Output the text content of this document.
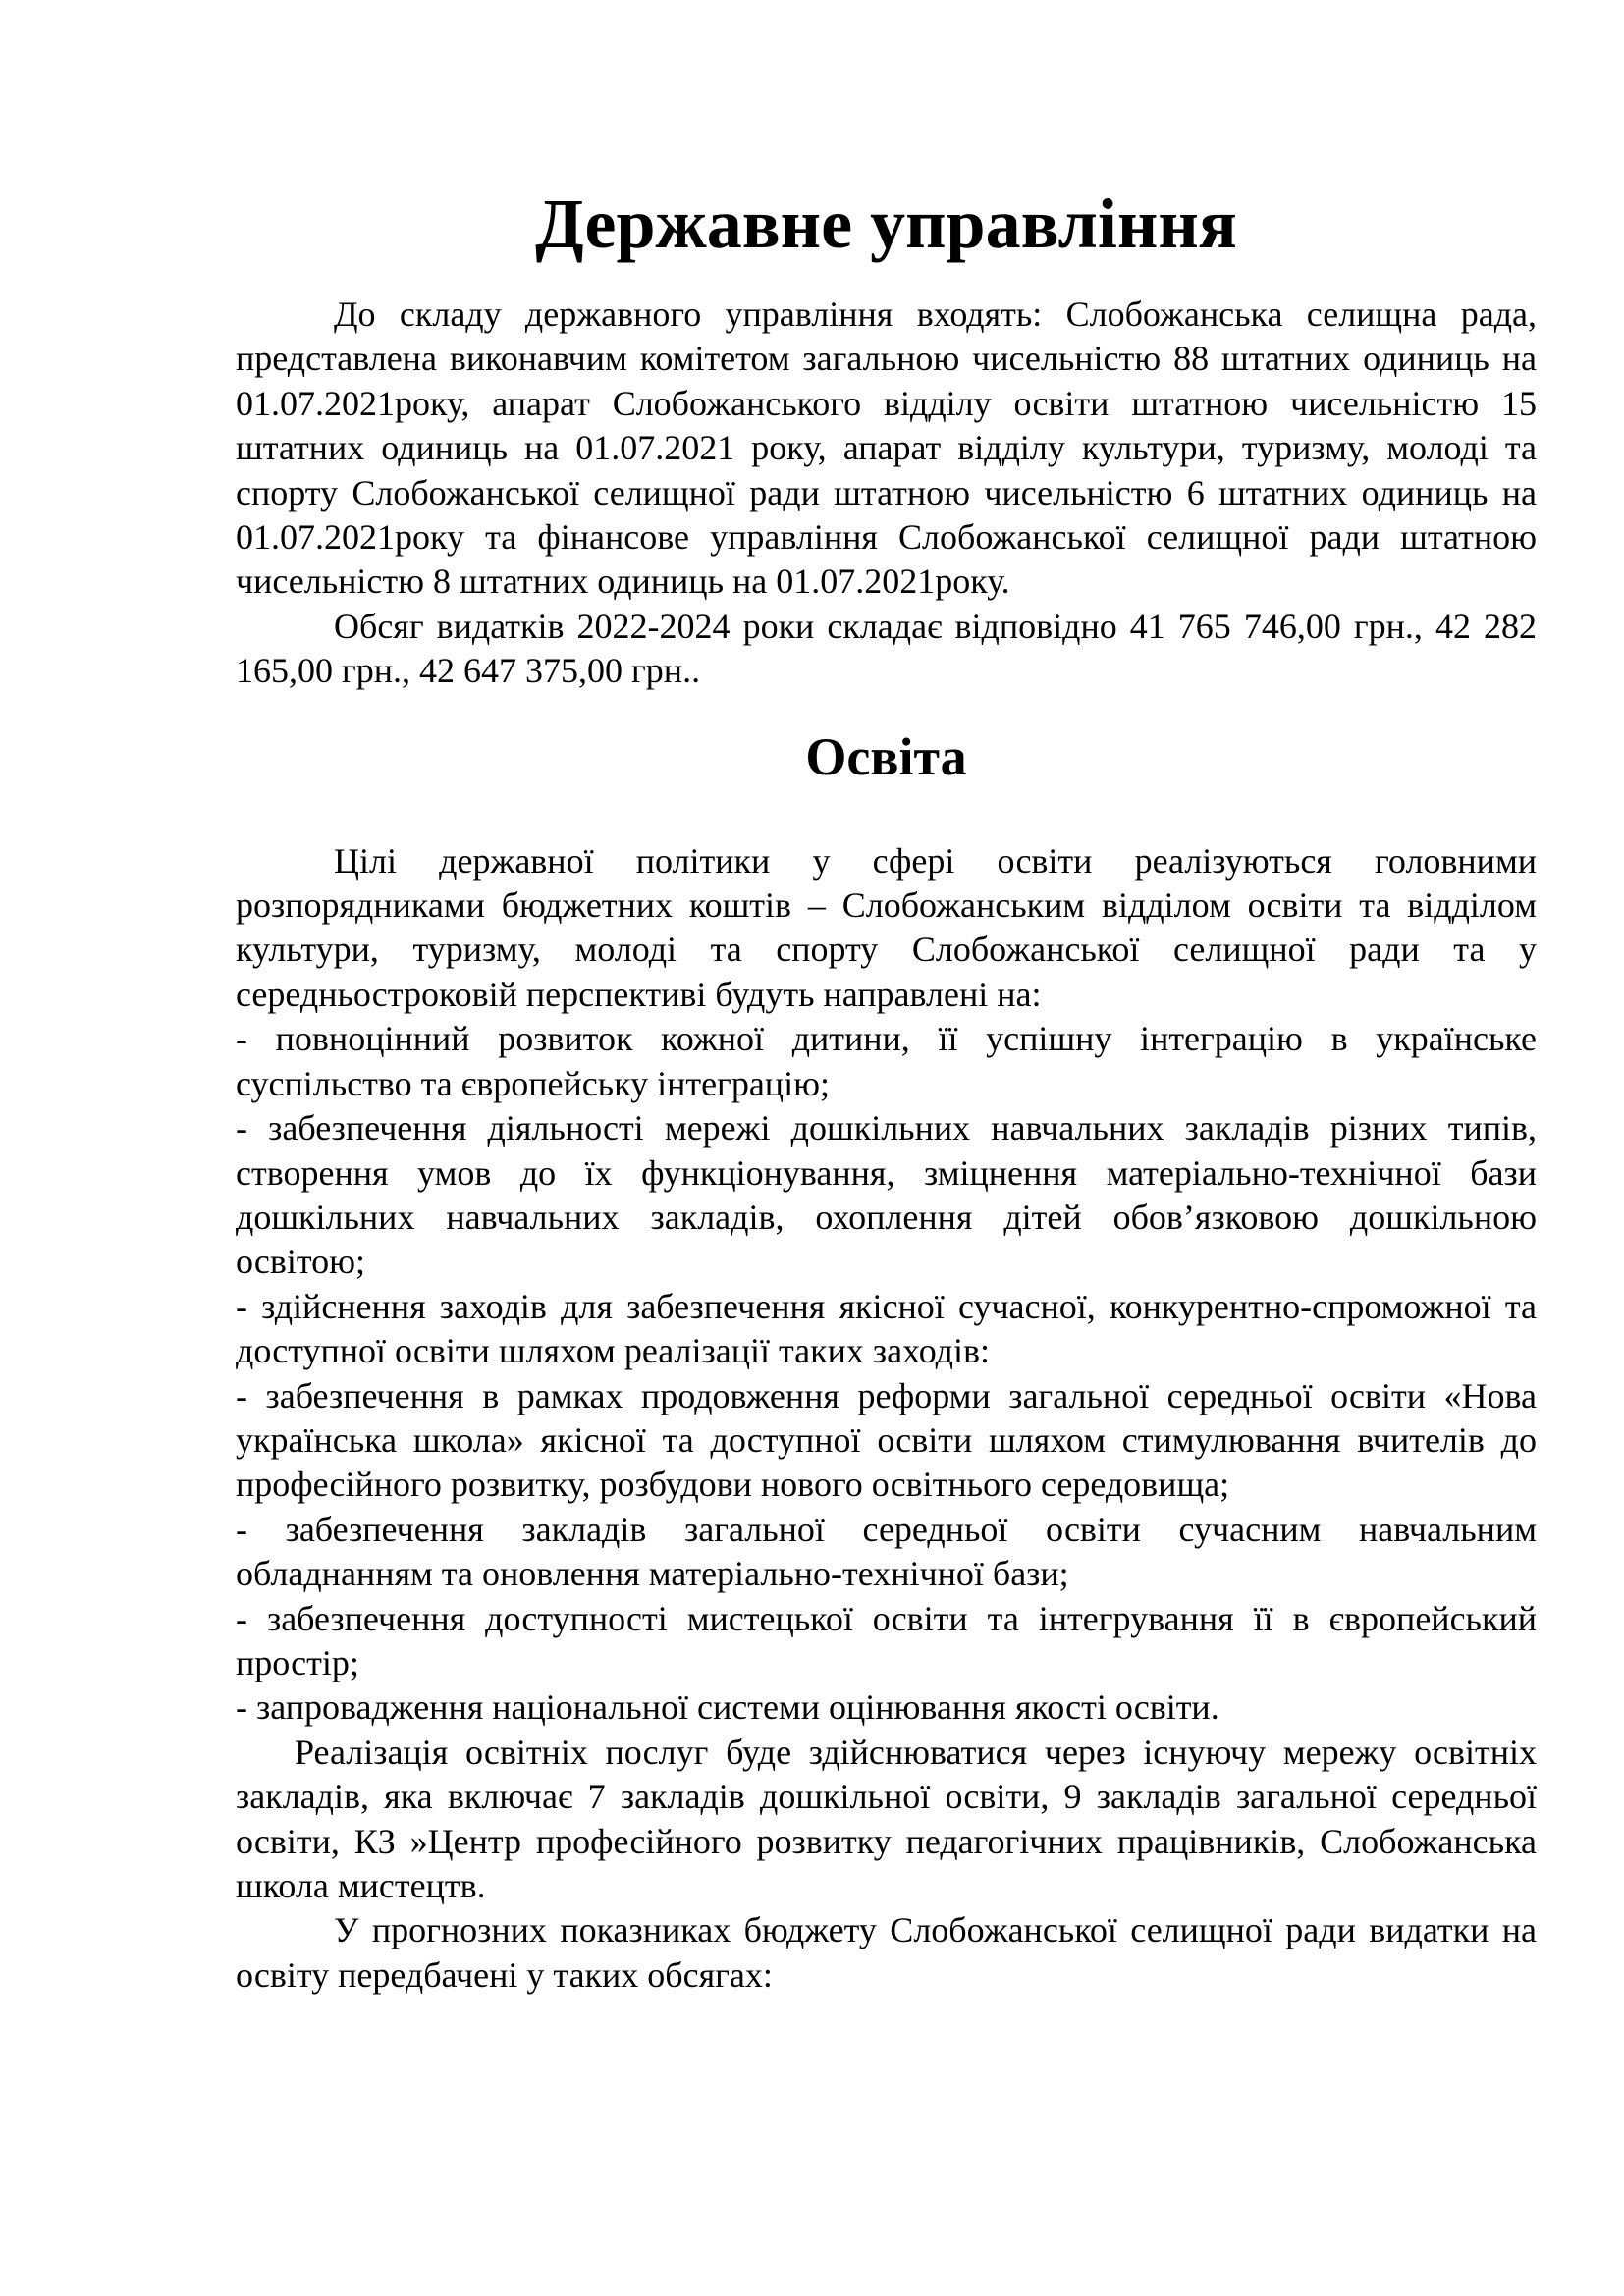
Державне управління

До складу державного управління входять: Слобожанська селищна рада, представлена виконавчим комітетом загальною чисельністю 88 штатних одиниць на 01.07.2021року, апарат Слобожанського відділу освіти штатною чисельністю 15 штатних одиниць на 01.07.2021 року, апарат відділу культури, туризму, молоді та спорту Слобожанської селищної ради штатною чисельністю 6 штатних одиниць на 01.07.2021року та фінансове управління Слобожанської селищної ради штатною чисельністю 8 штатних одиниць на 01.07.2021року.

Обсяг видатків 2022-2024 роки складає відповідно 41 765 746,00 грн., 42 282 165,00 грн., 42 647 375,00 грн..

Освіта

Цілі державної політики у сфері освіти реалізуються головними розпорядниками бюджетних коштів – Слобожанським відділом освіти та відділом культури, туризму, молоді та спорту Слобожанської селищної ради та у середньостроковій перспективі будуть направлені на:

- повноцінний розвиток кожної дитини, її успішну інтеграцію в українське суспільство та європейську інтеграцію;
- забезпечення діяльності мережі дошкільних навчальних закладів різних типів, створення умов до їх функціонування, зміцнення матеріально-технічної бази дошкільних навчальних закладів, охоплення дітей обов’язковою дошкільною освітою;
- здійснення заходів для забезпечення якісної сучасної, конкурентно-спроможної та доступної освіти шляхом реалізації таких заходів:
- забезпечення в рамках продовження реформи загальної середньої освіти «Нова українська школа» якісної та доступної освіти шляхом стимулювання вчителів до професійного розвитку, розбудови нового освітнього середовища;
- забезпечення закладів загальної середньої освіти сучасним навчальним обладнанням та оновлення матеріально-технічної бази;
- забезпечення доступності мистецької освіти та інтегрування її в європейський простір;
- запровадження національної системи оцінювання якості освіти.

Реалізація освітніх послуг буде здійснюватися через існуючу мережу освітніх закладів, яка включає 7 закладів дошкільної освіти, 9 закладів загальної середньої освіти, КЗ »Центр професійного розвитку педагогічних працівників, Слобожанська школа мистецтв.

У прогнозних показниках бюджету Слобожанської селищної ради видатки на освіту передбачені у таких обсягах:
